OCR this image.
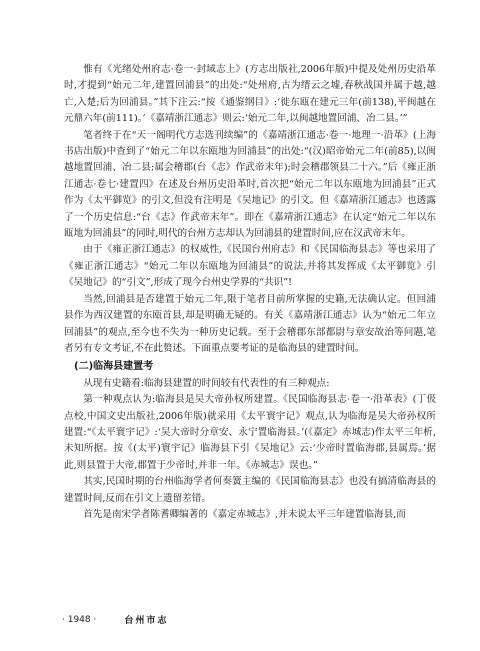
惟有《光绪处州府志·卷一·封域志上》(方志出版社,2006年版)中提及处州历史沿革时,才提到“始元二年,建置回浦县”的出处:“处州府,古为缙云之墟,春秋战国并属于越,越亡,入楚;后为回浦县。”其下注云:“按《通鉴纲目》:‘徙东瓯在建元三年(前138),平闽越在元鼎六年(前111)。’《嘉靖浙江通志》则云:‘始元二年,以闽越地置回浦、冶二县。’”

笔者终于在“天一阁明代方志选刊续编”的《嘉靖浙江通志·卷一·地理一·沿革》(上海书店出版)中查到了“始元二年以东瓯地为回浦县”的出处:“(汉)昭帝始元二年(前85),以闽越地置回浦、冶二县;属会稽郡(台《志》作武帝末年);时会稽郡领县二十六。”后《雍正浙江通志·卷七·建置四》在述及台州历史沿革时,首次把“始元二年以东瓯地为回浦县”正式作为《太平御览》的引文,但没有注明是《吴地记》的引文。但《嘉靖浙江通志》也透露了一个历史信息:“台《志》作武帝末年”。即在《嘉靖浙江通志》在认定“始元二年以东瓯地为回浦县”的同时,明代的台州方志却认为回浦县的建置时间,应在汉武帝末年。

由于《雍正浙江通志》的权威性,《民国台州府志》和《民国临海县志》等也采用了《雍正浙江通志》“始元二年以东瓯地为回浦县”的说法,并将其发挥成《太平御览》引《吴地记》的“引文”,形成了现今台州史学界的“共识”!

当然,回浦县是否建置于始元二年,限于笔者目前所掌握的史籍,无法确认定。但回浦县作为西汉建置的东瓯首县,却是明确无疑的。有关《嘉靖浙江通志》认为“始元二年立回浦县”的观点,至今也不失为一种历史记载。至于会稽郡东部都尉与章安故治等问题,笔者另有专文考证,不在此赘述。下面重点要考证的是临海县的建置时间。

(二)临海县建置考

从现有史籍看:临海县建置的时间较有代表性的有三种观点:

第一种观点认为:临海县是吴大帝孙权所建置。《民国临海县志·卷一·沿革表》(丁伋点校,中国文史出版社,2006年版)就采用《太平寰宇记》观点,认为临海是吴大帝孙权所建置:“《太平寰宇记》:‘吴大帝时分章安、永宁置临海县。’(《嘉定》赤城志)作太平三年析,未知所据。按《(太平)寰宇记》临海县下引《吴地记》云:‘少帝时置临海郡,县属焉。’据此,则县置于大帝,郡置于少帝时,并非一年。《赤城志》误也。”

其实,民国时期的台州临海学者何奏簧主编的《民国临海县志》也没有搞清临海县的建置时间,反而在引文上遗留差错。

首先是南宋学者陈耆卿编著的《嘉定赤城志》,并未说太平三年建置临海县,而

· 1948 ·	台州市志
